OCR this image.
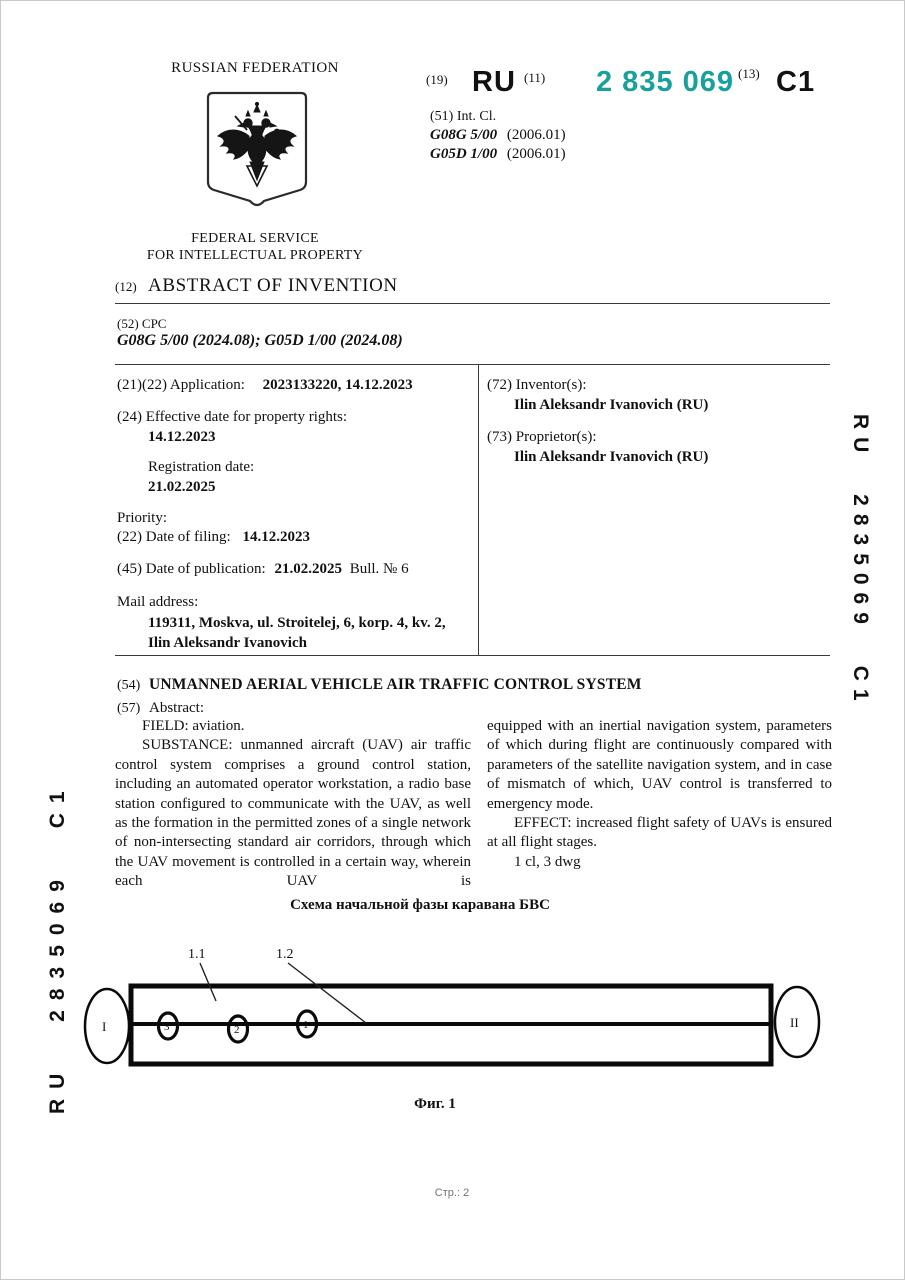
RUSSIAN FEDERATION
FEDERAL SERVICE
FOR INTELLECTUAL PROPERTY
(19) RU (11) 2 835 069 (13) C1
(51) Int. Cl.
G08G 5/00 (2006.01)
G05D 1/00 (2006.01)
(12) ABSTRACT OF INVENTION
(52) CPC
G08G 5/00 (2024.08); G05D 1/00 (2024.08)
(21)(22) Application: 2023133220, 14.12.2023
(24) Effective date for property rights:
14.12.2023
Registration date:
21.02.2025
Priority:
(22) Date of filing: 14.12.2023
(45) Date of publication: 21.02.2025 Bull. № 6
Mail address:
119311, Moskva, ul. Stroitelej, 6, korp. 4, kv. 2, Ilin Aleksandr Ivanovich
(72) Inventor(s):
Ilin Aleksandr Ivanovich (RU)
(73) Proprietor(s):
Ilin Aleksandr Ivanovich (RU)
(54) UNMANNED AERIAL VEHICLE AIR TRAFFIC CONTROL SYSTEM
(57) Abstract:

FIELD: aviation.

SUBSTANCE: unmanned aircraft (UAV) air traffic control system comprises a ground control station, including an automated operator workstation, a radio base station configured to communicate with the UAV, as well as the formation in the permitted zones of a single network of non-intersecting standard air corridors, through which the UAV movement is controlled in a certain way, wherein each UAV is

equipped with an inertial navigation system, parameters of which during flight are continuously compared with parameters of the satellite navigation system, and in case of mismatch of which, UAV control is transferred to emergency mode.

EFFECT: increased flight safety of UAVs is ensured at all flight stages.

1 cl, 3 dwg

Схема начальной фазы каравана БВС
I	II
3	2	1
1.1	1.2
Фиг. 1
RU 2835069 C1
RU 2835069 C1
Стр.: 2
